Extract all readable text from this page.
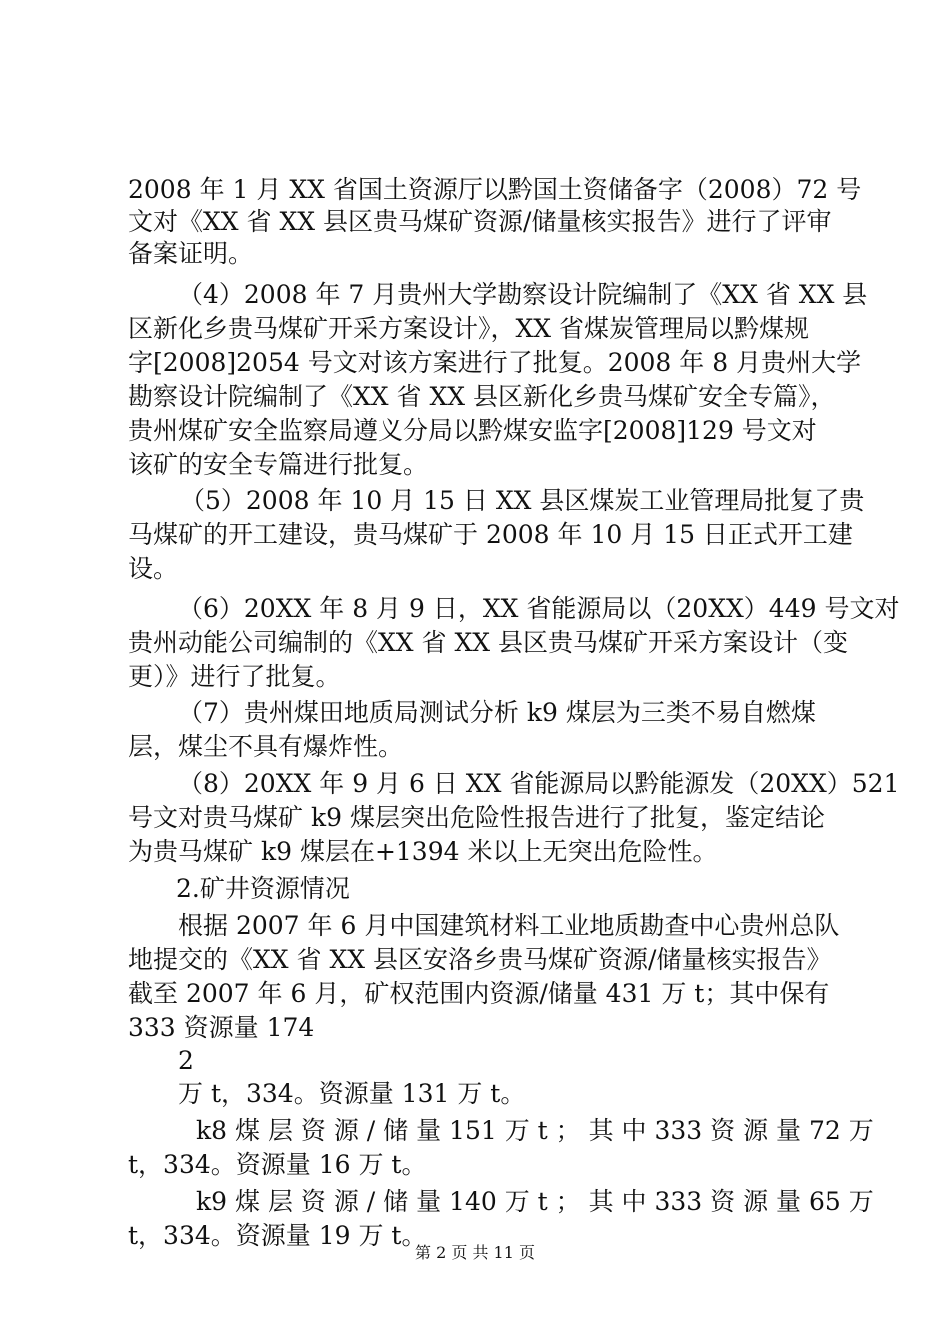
2008 年 1 月 XX 省国土资源厅以黔国土资储备字（2008）72 号
文对《XX 省 XX 县区贵马煤矿资源/储量核实报告》进行了评审
备案证明。
（4）2008 年 7 月贵州大学勘察设计院编制了《XX 省 XX 县
区新化乡贵马煤矿开采方案设计》，XX 省煤炭管理局以黔煤规
字[2008]2054 号文对该方案进行了批复。2008 年 8 月贵州大学
勘察设计院编制了《XX 省 XX 县区新化乡贵马煤矿安全专篇》，
贵州煤矿安全监察局遵义分局以黔煤安监字[2008]129 号文对
该矿的安全专篇进行批复。
（5）2008 年 10 月 15 日 XX 县区煤炭工业管理局批复了贵
马煤矿的开工建设，贵马煤矿于 2008 年 10 月 15 日正式开工建
设。
（6）20XX 年 8 月 9 日，XX 省能源局以（20XX）449 号文对
贵州动能公司编制的《XX 省 XX 县区贵马煤矿开采方案设计（变
更）》进行了批复。
（7）贵州煤田地质局测试分析 k9 煤层为三类不易自燃煤
层，煤尘不具有爆炸性。
（8）20XX 年 9 月 6 日 XX 省能源局以黔能源发（20XX）521
号文对贵马煤矿 k9 煤层突出危险性报告进行了批复，鉴定结论
为贵马煤矿 k9 煤层在+1394 米以上无突出危险性。
2.矿井资源情况
根据 2007 年 6 月中国建筑材料工业地质勘查中心贵州总队
地提交的《XX 省 XX 县区安洛乡贵马煤矿资源/储量核实报告》
截至 2007 年 6 月，矿权范围内资源/储量 431 万 t；其中保有
333 资源量 174
2
万 t，334。资源量 131 万 t。
k8 煤 层 资 源 / 储 量 151 万 t ； 其 中 333 资 源 量 72 万
t，334。资源量 16 万 t。
k9 煤 层 资 源 / 储 量 140 万 t ； 其 中 333 资 源 量 65 万
t，334。资源量 19 万 t。
第 2 页 共 11 页
